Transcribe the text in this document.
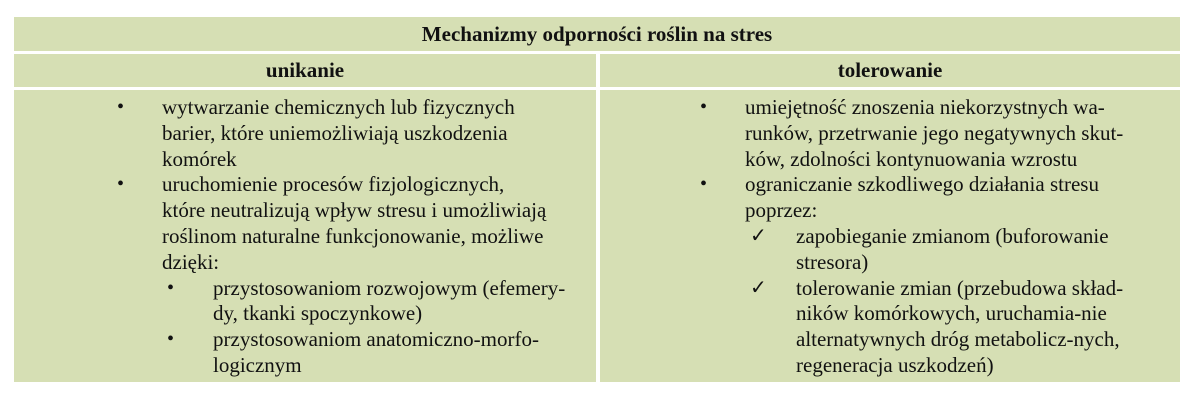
Mechanizmy odporności roślin na stres
unikanie	tolerowanie
• wytwarzanie chemicznych lub fizycznych
barier, które uniemożliwiają uszkodzenia
komórek
• uruchomienie procesów fizjologicznych,
które neutralizują wpływ stresu i umożliwiają
roślinom naturalne funkcjonowanie, możliwe
dzięki:
• przystosowaniom rozwojowym (efemery-
dy, tkanki spoczynkowe)
• przystosowaniom anatomiczno-morfo-
logicznym
• umiejętność znoszenia niekorzystnych wa-
runków, przetrwanie jego negatywnych skut-
ków, zdolności kontynuowania wzrostu
• ograniczanie szkodliwego działania stresu
poprzez:
✓ zapobieganie zmianom (buforowanie
stresora)
✓ tolerowanie zmian (przebudowa skład-
ników komórkowych, uruchamia-nie
alternatywnych dróg metabolicz-nych,
regeneracja uszkodzeń)
